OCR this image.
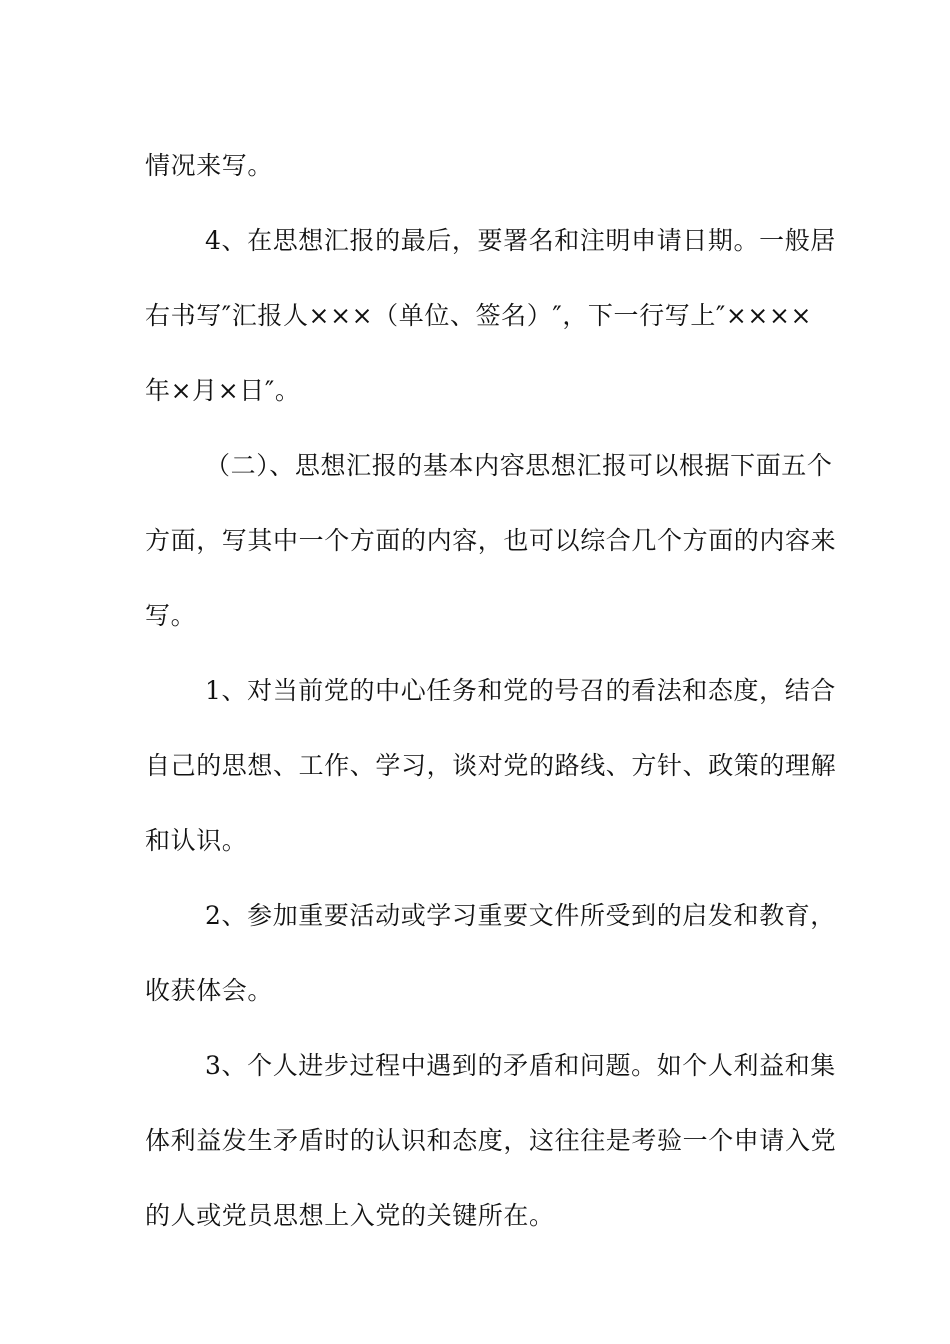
情况来写。
4、在思想汇报的最后，要署名和注明申请日期。一般居
右书写″汇报人×××（单位、签名）″，下一行写上″××××
年×月×日″。
（二）、思想汇报的基本内容思想汇报可以根据下面五个
方面，写其中一个方面的内容，也可以综合几个方面的内容来
写。
1、对当前党的中心任务和党的号召的看法和态度，结合
自己的思想、工作、学习，谈对党的路线、方针、政策的理解
和认识。
2、参加重要活动或学习重要文件所受到的启发和教育，
收获体会。
3、个人进步过程中遇到的矛盾和问题。如个人利益和集
体利益发生矛盾时的认识和态度，这往往是考验一个申请入党
的人或党员思想上入党的关键所在。
